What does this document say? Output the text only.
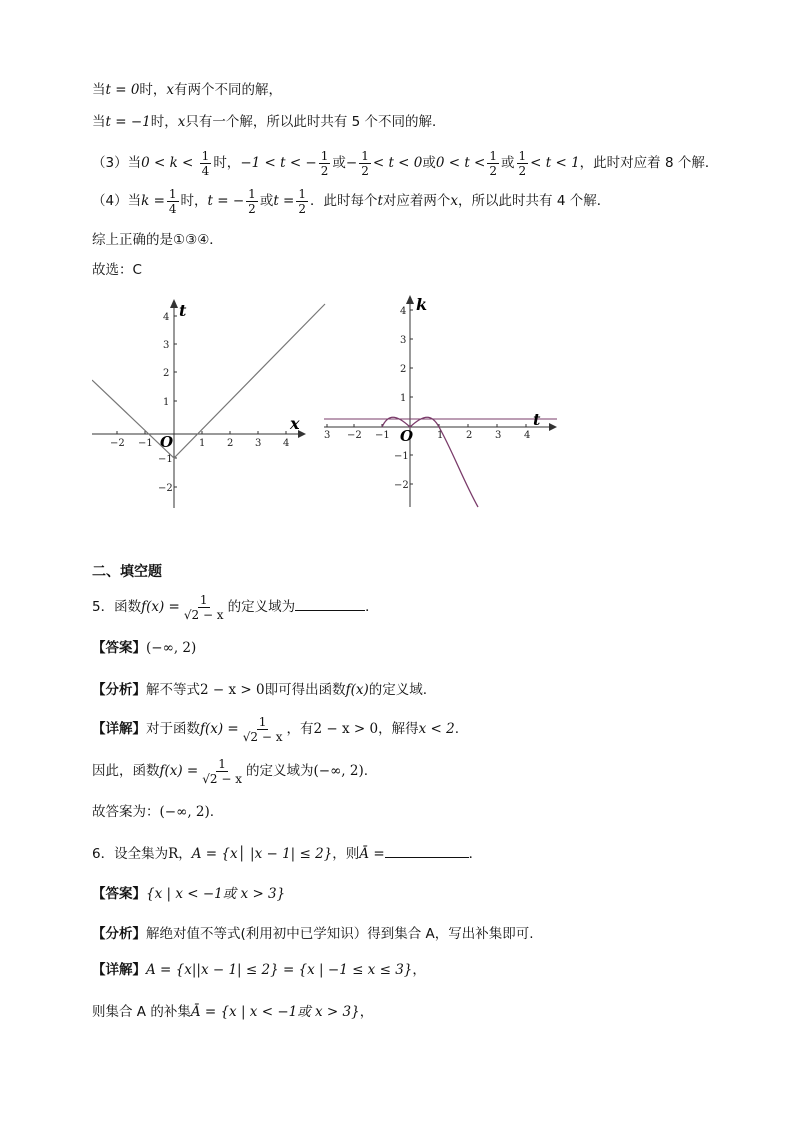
当t = 0时，x有两个不同的解，
当t = −1时，x只有一个解，所以此时共有 5 个不同的解．
（3）当$0 < k < \frac{1}{4}$ 时，−1 < t < − $\frac{1}{2}$ 或− $\frac{1}{2} < t < 0$或$0 < t < \frac{1}{2}$ 或 $\frac{1}{2} < t < 1$，此时对应着 8 个解．
（4）当$k = \frac{1}{4}$ 时，t = − $\frac{1}{2}$ 或$t = \frac{1}{2}$ ．此时每个t对应着两个x，所以此时共有 4 个解．
综上正确的是①③④．
故选：C
−2 −1	1 2 3 4
4
3
2
1
−1
−2
O
x
t
3 −2 −1	1 2 3 4
4
3
2
1
−1
−2
O
t
k
二、填空题
5．函数$f(x) = \frac{1}{√2 - x}$ 的定义域为	．
【答案】(−∞, 2)
【分析】解不等式2 − x > 0即可得出函数f(x)的定义域.
【详解】对于函数$f(x) = \frac{1}{√2 - x}$ ，有2 − x > 0，解得x < 2.
因此，函数$f(x) = \frac{1}{√2 - x}$ 的定义域为(−∞, 2).
故答案为：(−∞, 2).
6．设全集为R，A = {x│ |x − 1| ≤ 2}，则Ā =	．
【答案】{x | x < −1或 x > 3}
【分析】解绝对值不等式(利用初中已学知识）得到集合 A，写出补集即可.
【详解】A = {x||x − 1| ≤ 2} = {x | −1 ≤ x ≤ 3}，
则集合 A 的补集Ā = {x | x < −1或 x > 3}，
